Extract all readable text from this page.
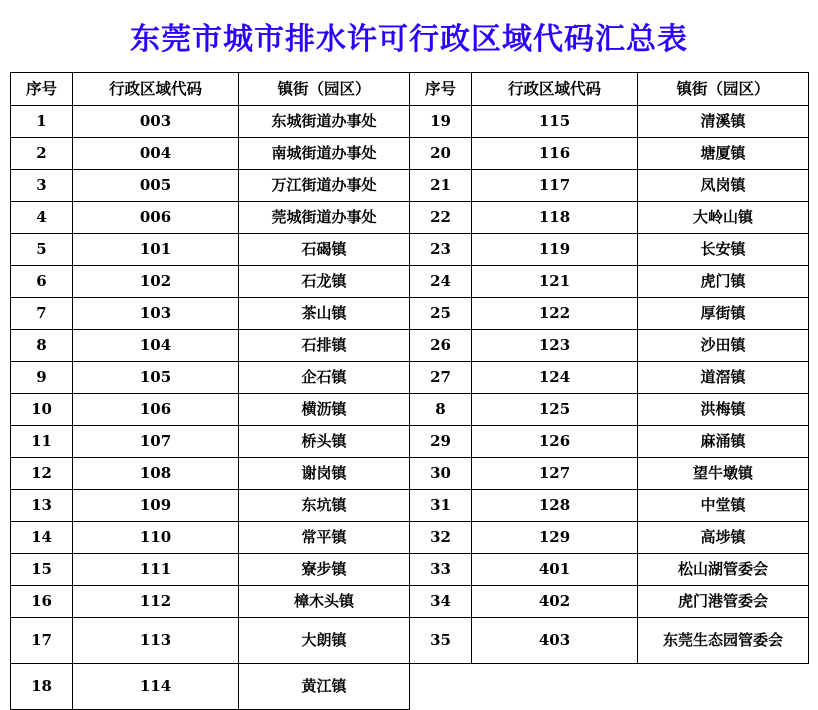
东莞市城市排水许可行政区域代码汇总表
序号	行政区域代码	镇街（园区）	序号	行政区域代码	镇街（园区）
1	003	东城街道办事处	19	115	清溪镇
2	004	南城街道办事处	20	116	塘厦镇
3	005	万江街道办事处	21	117	凤岗镇
4	006	莞城街道办事处	22	118	大岭山镇
5	101	石碣镇	23	119	长安镇
6	102	石龙镇	24	121	虎门镇
7	103	茶山镇	25	122	厚街镇
8	104	石排镇	26	123	沙田镇
9	105	企石镇	27	124	道滘镇
10	106	横沥镇	8	125	洪梅镇
11	107	桥头镇	29	126	麻涌镇
12	108	谢岗镇	30	127	望牛墩镇
13	109	东坑镇	31	128	中堂镇
14	110	常平镇	32	129	高埗镇
15	111	寮步镇	33	401	松山湖管委会
16	112	樟木头镇	34	402	虎门港管委会
17	113	大朗镇	35	403	东莞生态园管委会
18	114	黄江镇			
